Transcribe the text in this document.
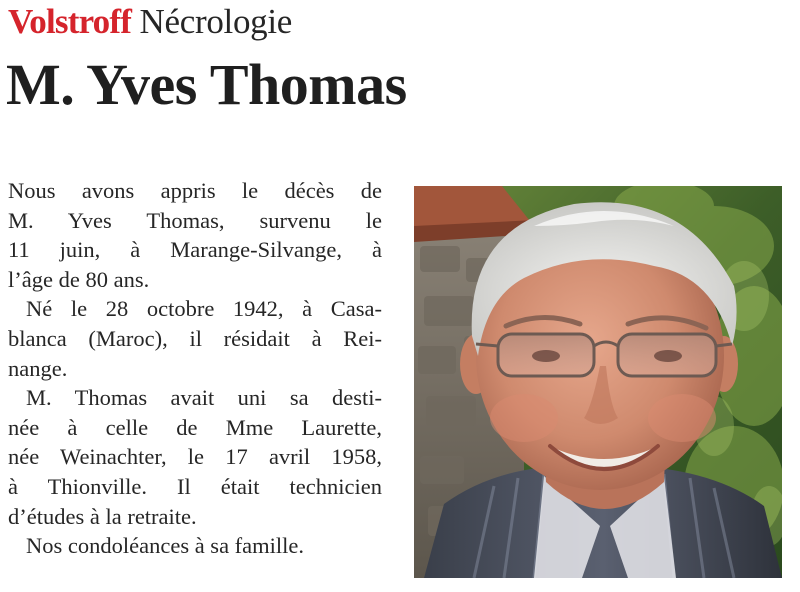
Volstroff Nécrologie
M. Yves Thomas
Nous avons appris le décès de
M. Yves Thomas, survenu le
11 juin, à Marange-Silvange, à
l’âge de 80 ans.
Né le 28 octobre 1942, à Casa-
blanca (Maroc), il résidait à Rei-
nange.
M. Thomas avait uni sa desti-
née à celle de Mme Laurette,
née Weinachter, le 17 avril 1958,
à Thionville. Il était technicien
d’études à la retraite.
Nos condoléances à sa famille.
